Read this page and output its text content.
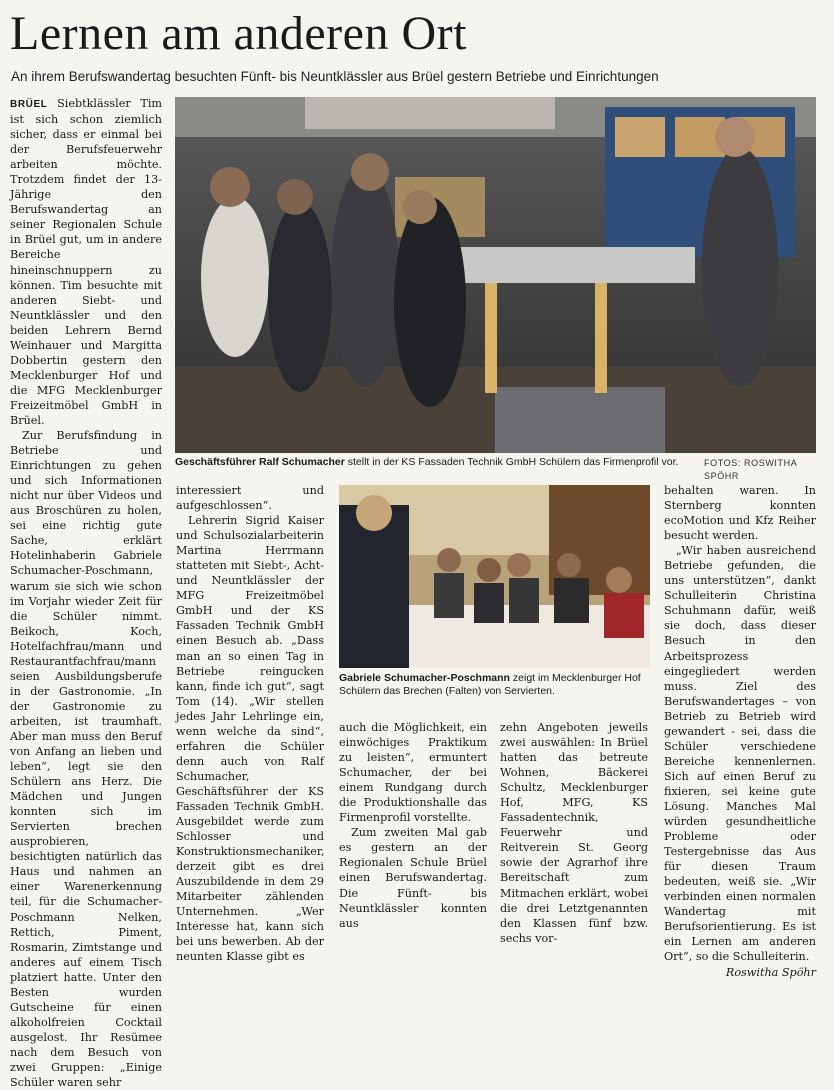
Lernen am anderen Ort
An ihrem Berufswandertag besuchten Fünft- bis Neuntklässler aus Brüel gestern Betriebe und Einrichtungen

BRÜEL Siebtklässler Tim ist sich schon ziemlich sicher, dass er einmal bei der Berufsfeuerwehr arbeiten möchte. Trotzdem findet der 13-Jährige den Berufswandertag an seiner Regionalen Schule in Brüel gut, um in andere Bereiche hineinschnuppern zu können. Tim besuchte mit anderen Siebt- und Neuntklässler und den beiden Lehrern Bernd Weinhauer und Margitta Dobbertin gestern den Mecklenburger Hof und die MFG Mecklenburger Freizeitmöbel GmbH in Brüel.

Zur Berufsfindung in Betriebe und Einrichtungen zu gehen und sich Informationen nicht nur über Videos und aus Broschüren zu holen, sei eine richtig gute Sache, erklärt Hotelinhaberin Gabriele Schumacher-Poschmann, warum sie sich wie schon im Vorjahr wieder Zeit für die Schüler nimmt. Beikoch, Koch, Hotelfachfrau/mann und Restaurantfachfrau/mann seien Ausbildungsberufe in der Gastronomie. „In der Gastronomie zu arbeiten, ist traumhaft. Aber man muss den Beruf von Anfang an lieben und leben“, legt sie den Schülern ans Herz. Die Mädchen und Jungen konnten sich im Servierten brechen ausprobieren, besichtigten natürlich das Haus und nahmen an einer Warenerkennung teil, für die Schumacher-Poschmann Nelken, Rettich, Piment, Rosmarin, Zimtstange und anderes auf einem Tisch platziert hatte. Unter den Besten wurden Gutscheine für einen alkoholfreien Cocktail ausgelost. Ihr Resümee nach dem Besuch von zwei Gruppen: „Einige Schüler waren sehr

Geschäftsführer Ralf Schumacher stellt in der KS Fassaden Technik GmbH Schülern das Firmenprofil vor.	FOTOS: ROSWITHA SPÖHR

interessiert und aufgeschlossen“.

Lehrerin Sigrid Kaiser und Schulsozialarbeiterin Martina Herrmann statteten mit Siebt-, Acht- und Neuntklässler der MFG Freizeitmöbel GmbH und der KS Fassaden Technik GmbH einen Besuch ab. „Dass man an so einen Tag in Betriebe reingucken kann, finde ich gut“, sagt Tom (14). „Wir stellen jedes Jahr Lehrlinge ein, wenn welche da sind“, erfahren die Schüler denn auch von Ralf Schumacher, Geschäftsführer der KS Fassaden Technik GmbH. Ausgebildet werde zum Schlosser und Konstruktionsmechaniker, derzeit gibt es drei Auszubildende in dem 29 Mitarbeiter zählenden Unternehmen. „Wer Interesse hat, kann sich bei uns bewerben. Ab der neunten Klasse gibt es

Gabriele Schumacher-Poschmann zeigt im Mecklenburger Hof Schülern das Brechen (Falten) von Servierten.

auch die Möglichkeit, ein einwöchiges Praktikum zu leisten“, ermuntert Schumacher, der bei einem Rundgang durch die Produktionshalle das Firmenprofil vorstellte.

Zum zweiten Mal gab es gestern an der Regionalen Schule Brüel einen Berufswandertag. Die Fünft- bis Neuntklässler konnten aus

zehn Angeboten jeweils zwei auswählen: In Brüel hatten das betreute Wohnen, Bäckerei Schultz, Mecklenburger Hof, MFG, KS Fassadentechnik, Feuerwehr und Reitverein St. Georg sowie der Agrarhof ihre Bereitschaft zum Mitmachen erklärt, wobei die drei Letztgenannten den Klassen fünf bzw. sechs vor-

behalten waren. In Sternberg konnten ecoMotion und Kfz Reiher besucht werden.

„Wir haben ausreichend Betriebe gefunden, die uns unterstützen“, dankt Schulleiterin Christina Schuhmann dafür, weiß sie doch, dass dieser Besuch in den Arbeitsprozess eingegliedert werden muss. Ziel des Berufswandertages – von Betrieb zu Betrieb wird gewandert - sei, dass die Schüler verschiedene Bereiche kennenlernen. Sich auf einen Beruf zu fixieren, sei keine gute Lösung. Manches Mal würden gesundheitliche Probleme oder Testergebnisse das Aus für diesen Traum bedeuten, weiß sie. „Wir verbinden einen normalen Wandertag mit Berufsorientierung. Es ist ein Lernen am anderen Ort“, so die Schulleiterin.

Roswitha Spöhr
